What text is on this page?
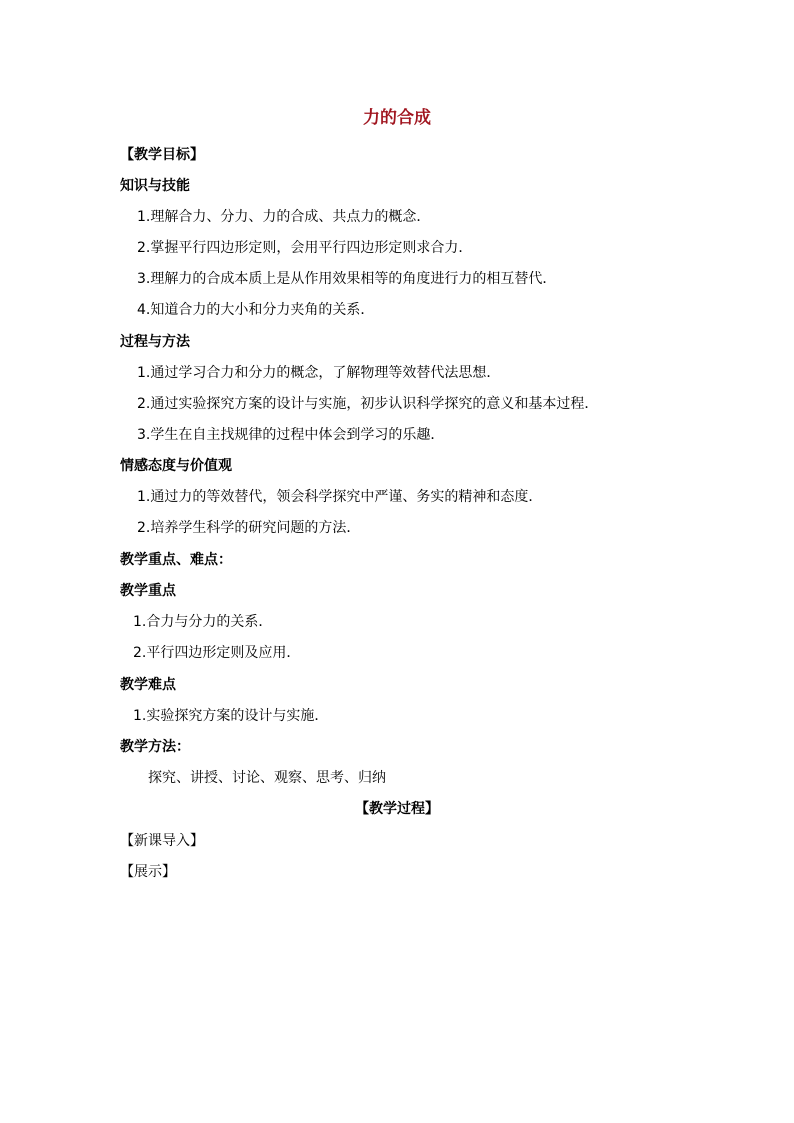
力的合成
【教学目标】
知识与技能
1.理解合力、分力、力的合成、共点力的概念．
2.掌握平行四边形定则，会用平行四边形定则求合力．
3.理解力的合成本质上是从作用效果相等的角度进行力的相互替代．
4.知道合力的大小和分力夹角的关系．
过程与方法
1.通过学习合力和分力的概念，了解物理等效替代法思想．
2.通过实验探究方案的设计与实施，初步认识科学探究的意义和基本过程．
3.学生在自主找规律的过程中体会到学习的乐趣．
情感态度与价值观
1.通过力的等效替代，领会科学探究中严谨、务实的精神和态度．
2.培养学生科学的研究问题的方法．
教学重点、难点：
教学重点
1.合力与分力的关系．
2.平行四边形定则及应用．
教学难点
1.实验探究方案的设计与实施．
教学方法：
探究、讲授、讨论、观察、思考、归纳
【教学过程】
【新课导入】
【展示】
